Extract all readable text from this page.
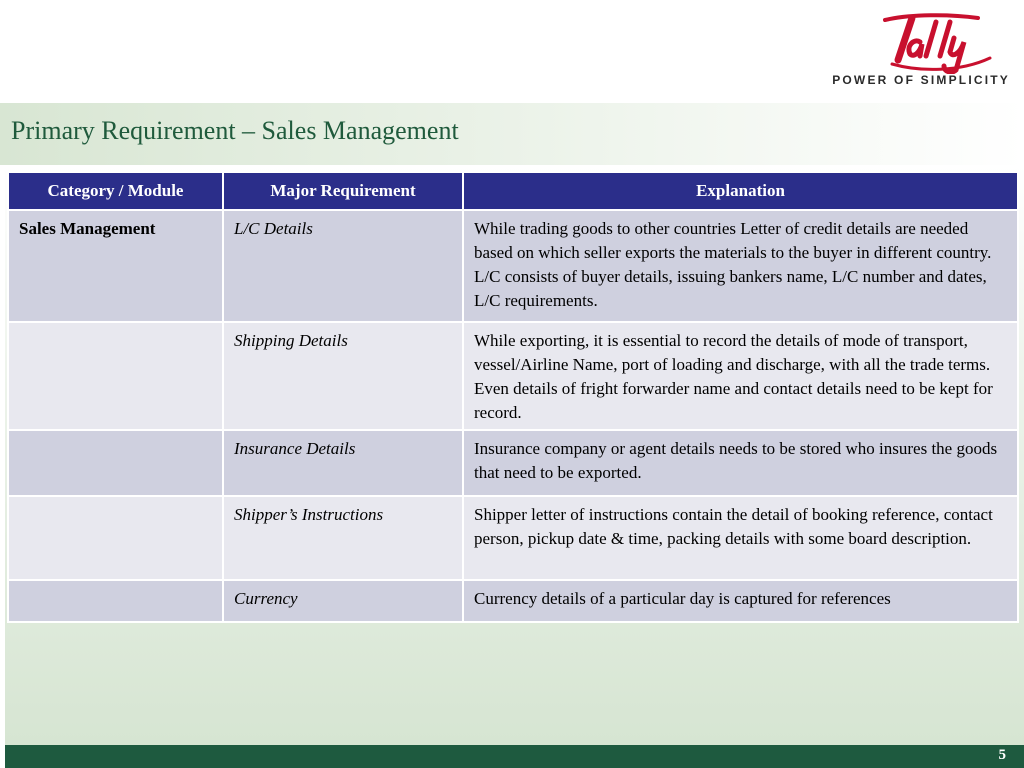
POWER OF SIMPLICITY
Primary Requirement – Sales Management
Category / Module	Major Requirement	Explanation
Sales Management	L/C Details	While trading goods to other countries Letter of credit details are needed based on which seller exports the materials to the buyer in different country. L/C consists of buyer details, issuing bankers name, L/C number and dates, L/C requirements.
	Shipping Details	While exporting, it is essential to record the details of mode of transport, vessel/Airline Name, port of loading and discharge, with all the trade terms. Even details of fright forwarder name and contact details need to be kept for record.
	Insurance Details	Insurance company or agent details needs to be stored who insures the goods that need to be exported.
	Shipper’s Instructions	Shipper letter of instructions contain the detail of booking reference, contact person, pickup date & time, packing details with some board description.
	Currency	Currency details of a particular day is captured for references
5
